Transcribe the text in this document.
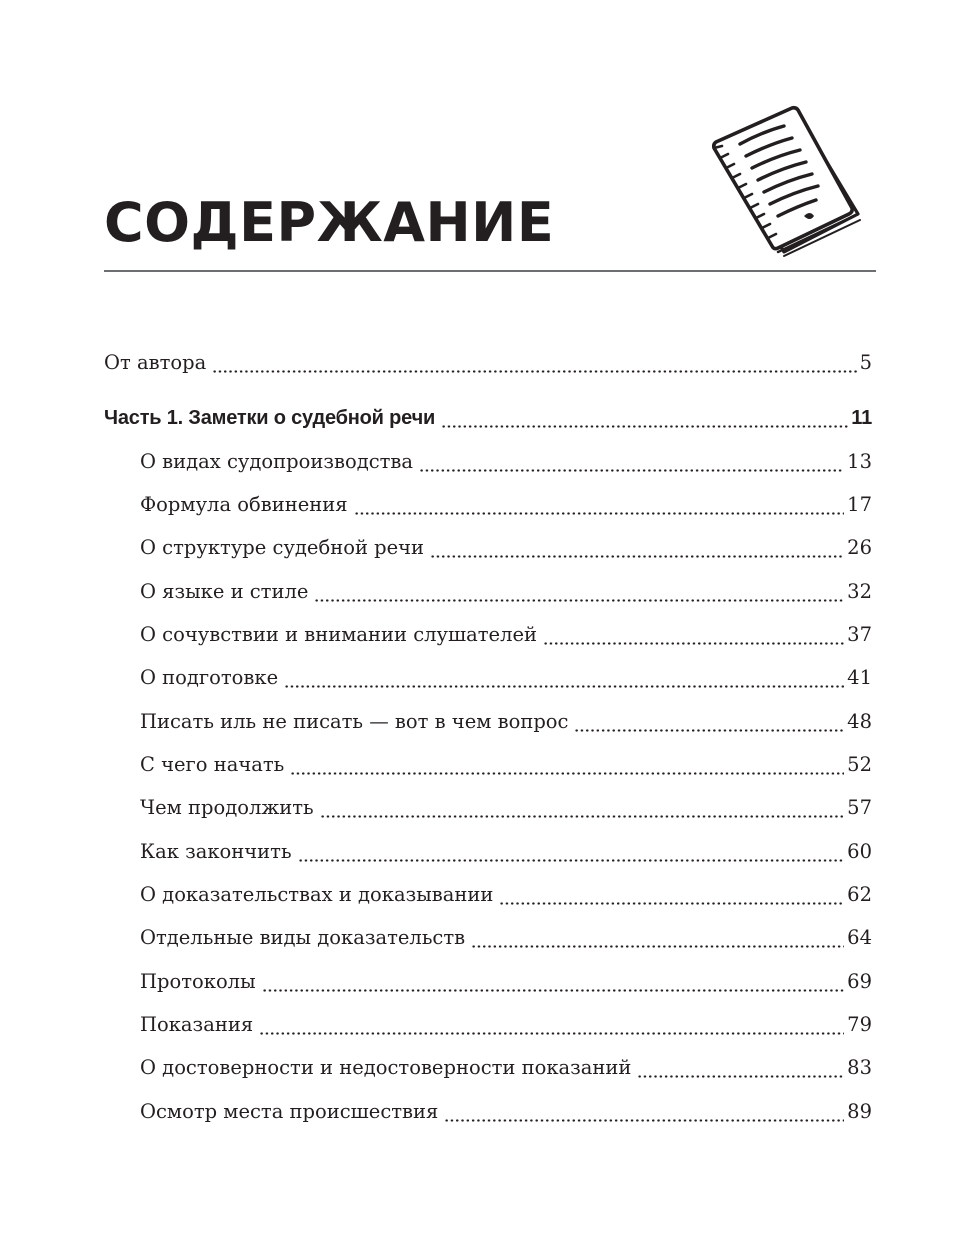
СОДЕРЖАНИЕ
От автора	5
Часть 1. Заметки о судебной речи	11
О видах судопроизводства	13
Формула обвинения	17
О структуре судебной речи	26
О языке и стиле	32
О сочувствии и внимании слушателей	37
О подготовке	41
Писать иль не писать — вот в чем вопрос	48
С чего начать	52
Чем продолжить	57
Как закончить	60
О доказательствах и доказывании	62
Отдельные виды доказательств	64
Протоколы	69
Показания	79
О достоверности и недостоверности показаний	83
Осмотр места происшествия	89
